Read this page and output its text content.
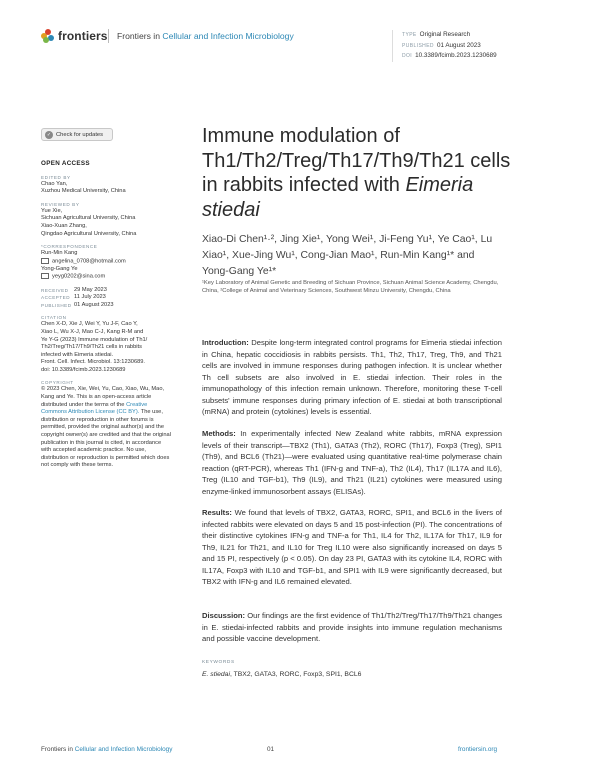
frontiers Frontiers in Cellular and Infection Microbiology	TYPE Original Research
PUBLISHED 01 August 2023
DOI 10.3389/fcimb.2023.1230689
✓ Check for updates
OPEN ACCESS
EDITED BY
Chao Yan,
Xuzhou Medical University, China
REVIEWED BY
Yue Xie,
Sichuan Agricultural University, China
Xiao-Xuan Zhang,
Qingdao Agricultural University, China
*CORRESPONDENCE
Run-Min Kang
angelina_0708@hotmail.com
Yong-Gang Ye
yeyg0202@sina.com
RECEIVED 29 May 2023
ACCEPTED 11 July 2023
PUBLISHED 01 August 2023
CITATION
Chen X-D, Xie J, Wei Y, Yu J-F, Cao Y,
Xiao L, Wu X-J, Mao C-J, Kang R-M and
Ye Y-G (2023) Immune modulation of Th1/
Th2/Treg/Th17/Th9/Th21 cells in rabbits
infected with Eimeria stiedai.
Front. Cell. Infect. Microbiol. 13:1230689.
doi: 10.3389/fcimb.2023.1230689
COPYRIGHT
© 2023 Chen, Xie, Wei, Yu, Cao, Xiao, Wu, Mao, Kang and Ye. This is an open-access article distributed under the terms of the Creative Commons Attribution License (CC BY). The use, distribution or reproduction in other forums is permitted, provided the original author(s) and the copyright owner(s) are credited and that the original publication in this journal is cited, in accordance with accepted academic practice. No use, distribution or reproduction is permitted which does not comply with these terms.
Immune modulation of Th1/Th2/Treg/Th17/Th9/Th21 cells in rabbits infected with Eimeria stiedai
Xiao-Di Chen¹·², Jing Xie¹, Yong Wei¹, Ji-Feng Yu¹, Ye Cao¹, Lu Xiao¹, Xue-Jing Wu¹, Cong-Jian Mao¹, Run-Min Kang¹* and Yong-Gang Ye¹*
¹Key Laboratory of Animal Genetic and Breeding of Sichuan Province, Sichuan Animal Science Academy, Chengdu, China, ²College of Animal and Veterinary Sciences, Southwest Minzu University, Chengdu, China
Introduction: Despite long-term integrated control programs for Eimeria stiedai infection in China, hepatic coccidiosis in rabbits persists. Th1, Th2, Th17, Treg, Th9, and Th21 cells are involved in immune responses during pathogen infection. It is unclear whether Th cell subsets are also involved in E. stiedai infection. Their roles in the immunopathology of this infection remain unknown. Therefore, monitoring these T-cell subsets' immune responses during primary infection of E. stiedai at both transcriptional (mRNA) and protein (cytokines) levels is essential.
Methods: In experimentally infected New Zealand white rabbits, mRNA expression levels of their transcript—TBX2 (Th1), GATA3 (Th2), RORC (Th17), Foxp3 (Treg), SPI1 (Th9), and BCL6 (Th21)—were evaluated using quantitative real-time polymerase chain reaction (qRT-PCR), whereas Th1 (IFN-g and TNF-a), Th2 (IL4), Th17 (IL17A and IL6), Treg (IL10 and TGF-b1), Th9 (IL9), and Th21 (IL21) cytokines were measured using enzyme-linked immunosorbent assays (ELISAs).
Results: We found that levels of TBX2, GATA3, RORC, SPI1, and BCL6 in the livers of infected rabbits were elevated on days 5 and 15 post-infection (PI). The concentrations of their distinctive cytokines IFN-g and TNF-a for Th1, IL4 for Th2, IL17A for Th17, IL9 for Th9, IL21 for Th21, and IL10 for Treg IL10 were also significantly increased on days 5 and 15 PI, respectively (p < 0.05). On day 23 PI, GATA3 with its cytokine IL4, RORC with IL17A, Foxp3 with IL10 and TGF-b1, and SPI1 with IL9 were significantly decreased, but TBX2 with IFN-g and IL6 remained elevated.
Discussion: Our findings are the first evidence of Th1/Th2/Treg/Th17/Th9/Th21 changes in E. stiedai-infected rabbits and provide insights into immune regulation mechanisms and possible vaccine development.
KEYWORDS
E. stiedai, TBX2, GATA3, RORC, Foxp3, SPI1, BCL6
Frontiers in Cellular and Infection Microbiology	01	frontiersin.org
